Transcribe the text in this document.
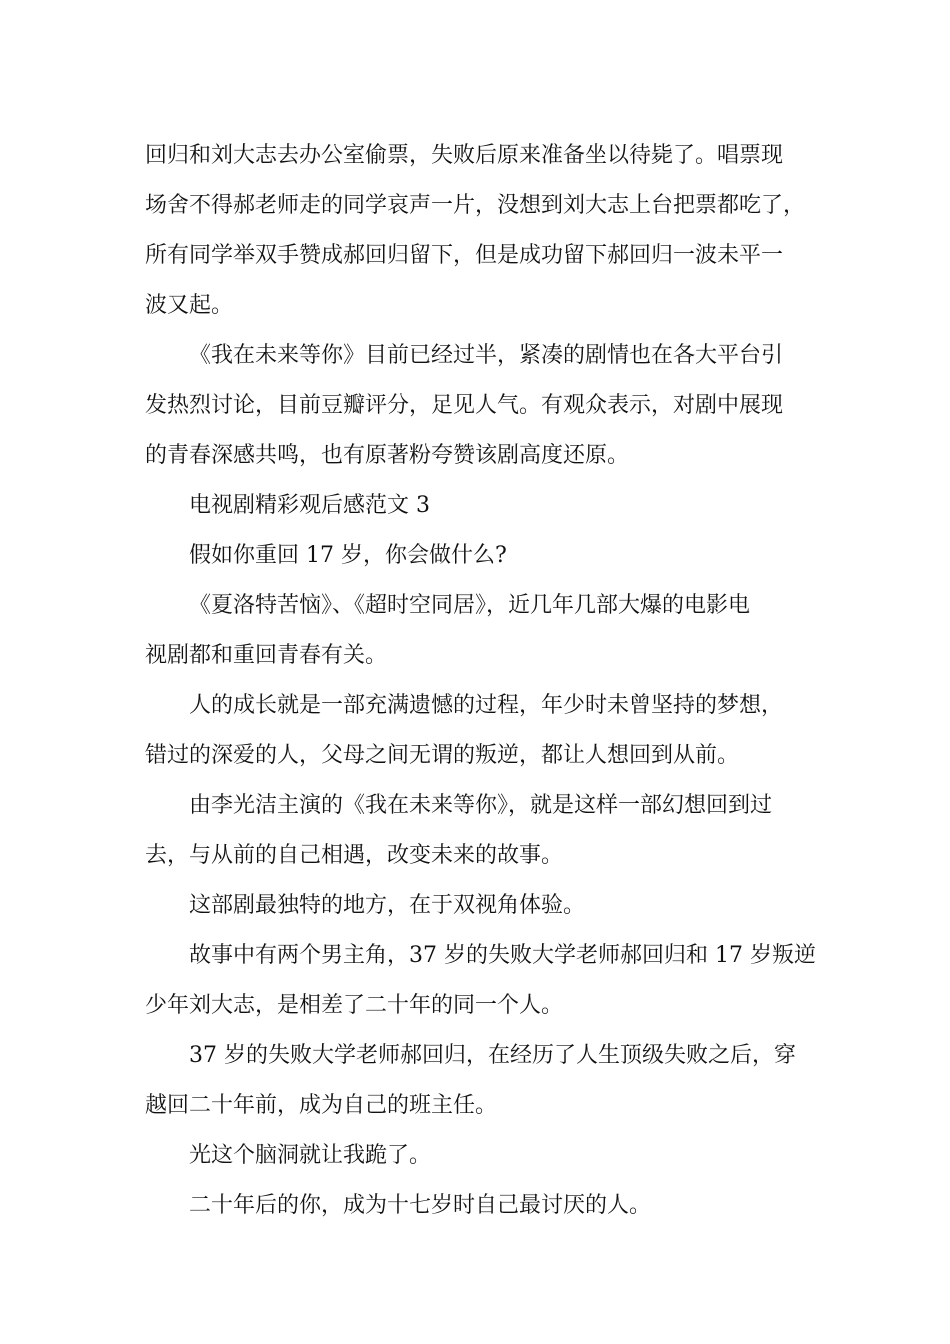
回归和刘大志去办公室偷票，失败后原来准备坐以待毙了。唱票现
场舍不得郝老师走的同学哀声一片，没想到刘大志上台把票都吃了，
所有同学举双手赞成郝回归留下，但是成功留下郝回归一波未平一
波又起。

《我在未来等你》目前已经过半，紧凑的剧情也在各大平台引
发热烈讨论，目前豆瓣评分，足见人气。有观众表示，对剧中展现
的青春深感共鸣，也有原著粉夸赞该剧高度还原。

电视剧精彩观后感范文 3

假如你重回 17 岁，你会做什么?

《夏洛特苦恼》、《超时空同居》，近几年几部大爆的电影电
视剧都和重回青春有关。

人的成长就是一部充满遗憾的过程，年少时未曾坚持的梦想，
错过的深爱的人，父母之间无谓的叛逆，都让人想回到从前。

由李光洁主演的《我在未来等你》，就是这样一部幻想回到过
去，与从前的自己相遇，改变未来的故事。

这部剧最独特的地方，在于双视角体验。

故事中有两个男主角，37 岁的失败大学老师郝回归和 17 岁叛逆
少年刘大志，是相差了二十年的同一个人。

37 岁的失败大学老师郝回归，在经历了人生顶级失败之后，穿
越回二十年前，成为自己的班主任。

光这个脑洞就让我跪了。

二十年后的你，成为十七岁时自己最讨厌的人。
